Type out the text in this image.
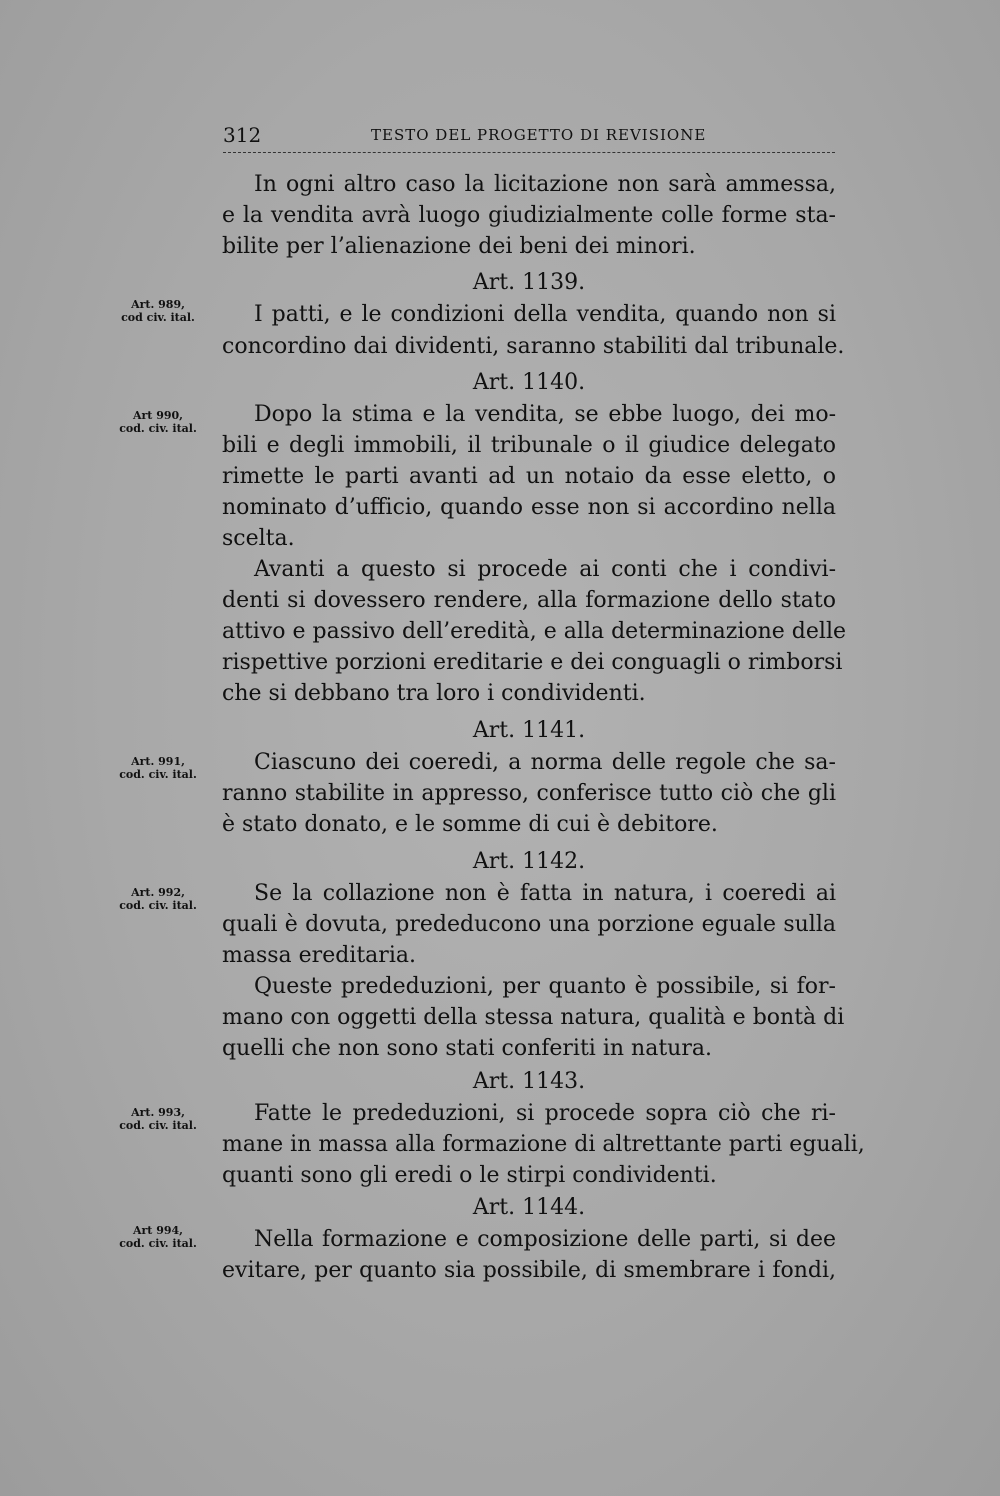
312	TESTO DEL PROGETTO DI REVISIONE
Art. 989,
cod civ. ital.
Art 990,
cod. civ. ital.
Art. 991,
cod. civ. ital.
Art. 992,
cod. civ. ital.
Art. 993,
cod. civ. ital.
Art 994,
cod. civ. ital.
In ogni altro caso la licitazione non sarà ammessa,
e la vendita avrà luogo giudizialmente colle forme sta-
bilite per l’alienazione dei beni dei minori.
Art. 1139.
I patti, e le condizioni della vendita, quando non si
concordino dai dividenti, saranno stabiliti dal tribunale.
Art. 1140.
Dopo la stima e la vendita, se ebbe luogo, dei mo-
bili e degli immobili, il tribunale o il giudice delegato
rimette le parti avanti ad un notaio da esse eletto, o
nominato d’ufficio, quando esse non si accordino nella
scelta.
Avanti a questo si procede ai conti che i condivi-
denti si dovessero rendere, alla formazione dello stato
attivo e passivo dell’eredità, e alla determinazione delle
rispettive porzioni ereditarie e dei conguagli o rimborsi
che si debbano tra loro i condividenti.
Art. 1141.
Ciascuno dei coeredi, a norma delle regole che sa-
ranno stabilite in appresso, conferisce tutto ciò che gli
è stato donato, e le somme di cui è debitore.
Art. 1142.
Se la collazione non è fatta in natura, i coeredi ai
quali è dovuta, prededucono una porzione eguale sulla
massa ereditaria.
Queste prededuzioni, per quanto è possibile, si for-
mano con oggetti della stessa natura, qualità e bontà di
quelli che non sono stati conferiti in natura.
Art. 1143.
Fatte le prededuzioni, si procede sopra ciò che ri-
mane in massa alla formazione di altrettante parti eguali,
quanti sono gli eredi o le stirpi condividenti.
Art. 1144.
Nella formazione e composizione delle parti, si dee
evitare, per quanto sia possibile, di smembrare i fondi,
